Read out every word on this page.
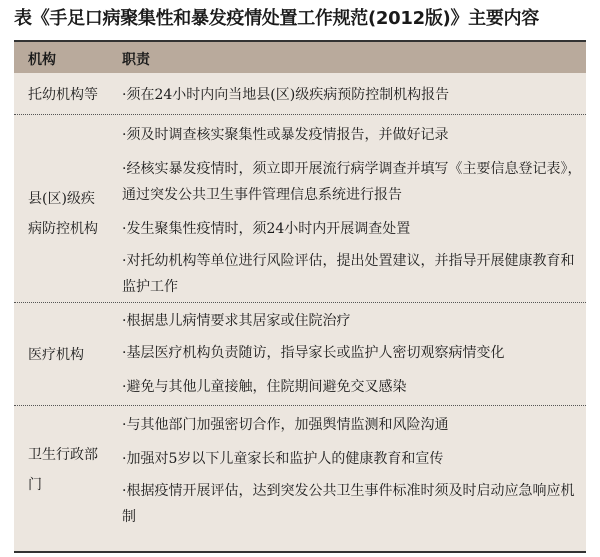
表《手足口病聚集性和暴发疫情处置工作规范(2012版)》主要内容
机构	职责
托幼机构等	·须在24小时内向当地县(区)级疾病预防控制机构报告
县(区)级疾病防控机构
·须及时调查核实聚集性或暴发疫情报告，并做好记录
·经核实暴发疫情时，须立即开展流行病学调查并填写《主要信息登记表》，通过突发公共卫生事件管理信息系统进行报告
·发生聚集性疫情时，须24小时内开展调查处置
·对托幼机构等单位进行风险评估，提出处置建议，并指导开展健康教育和监护工作
医疗机构
·根据患儿病情要求其居家或住院治疗
·基层医疗机构负责随访，指导家长或监护人密切观察病情变化
·避免与其他儿童接触，住院期间避免交叉感染
卫生行政部门
·与其他部门加强密切合作，加强舆情监测和风险沟通
·加强对5岁以下儿童家长和监护人的健康教育和宣传
·根据疫情开展评估，达到突发公共卫生事件标准时须及时启动应急响应机制
